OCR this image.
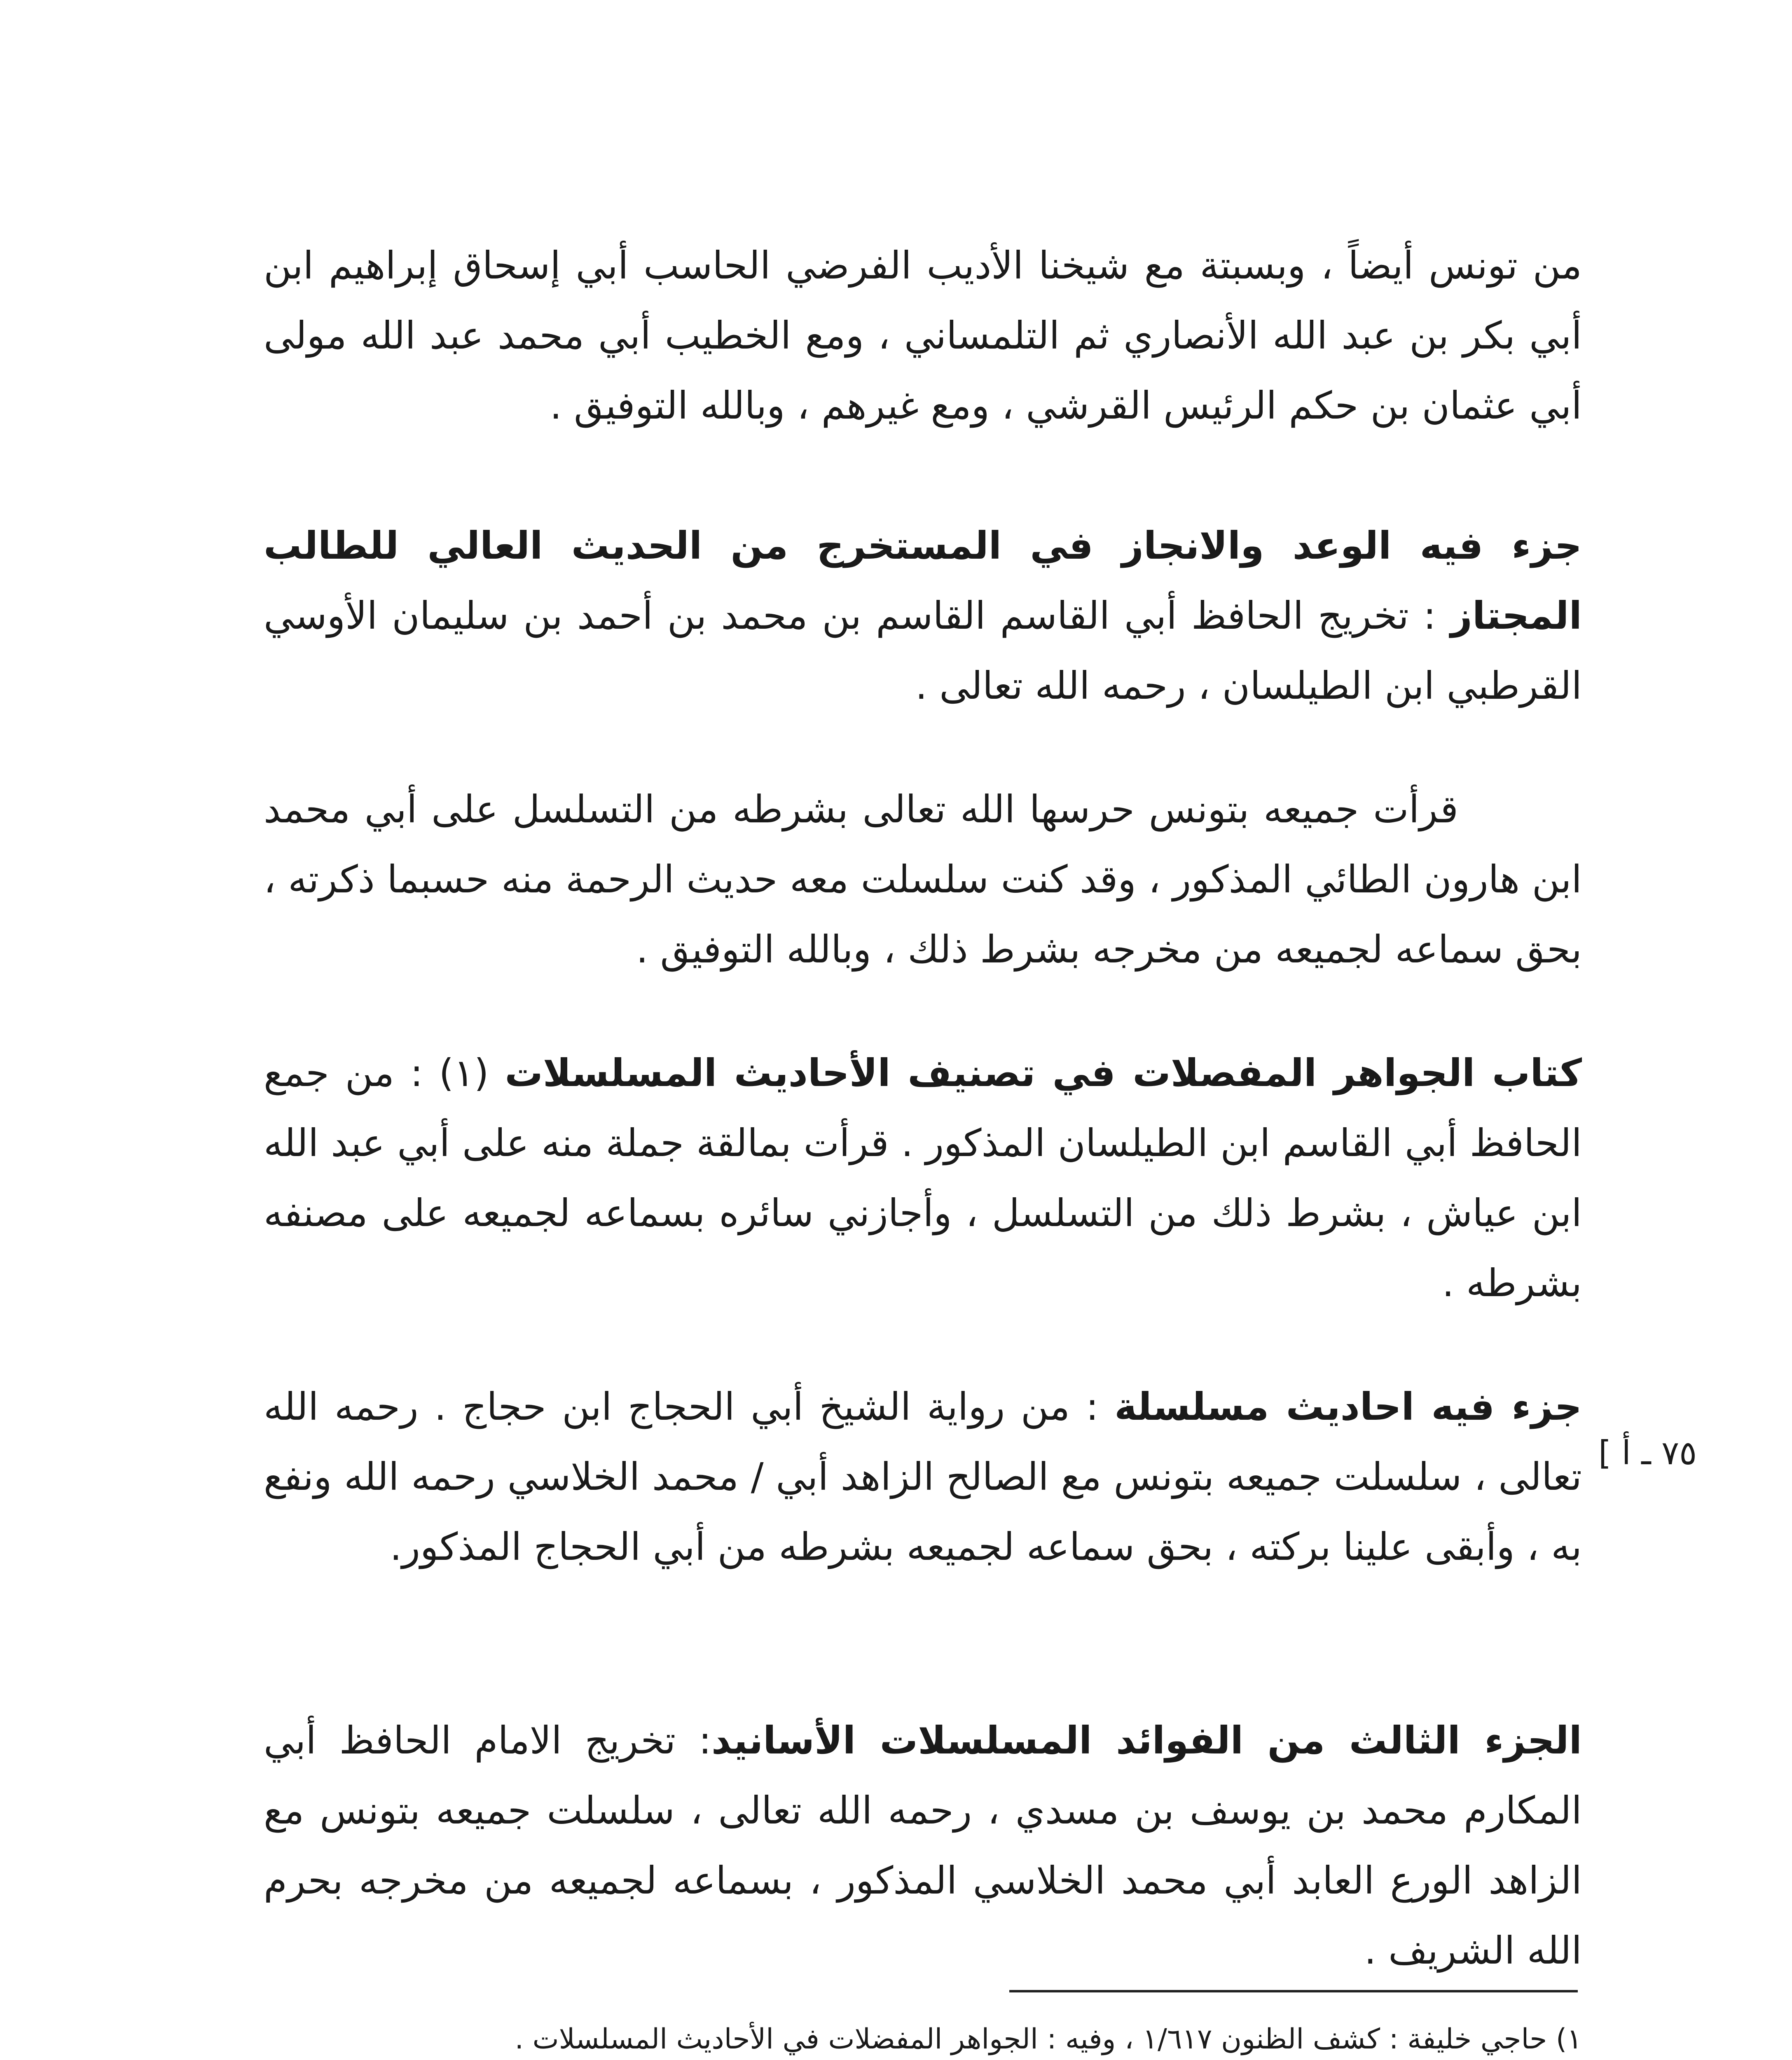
من تونس أيضاً ، وبسبتة مع شيخنا الأديب الفرضي الحاسب أبي إسحاق إبراهيم ابن أبي بكر بن عبد الله الأنصاري ثم التلمساني ، ومع الخطيب أبي محمد عبد الله مولى أبي عثمان بن حكم الرئيس القرشي ، ومع غيرهم ، وبالله التوفيق .

جزء فيه الوعد والانجاز في المستخرج من الحديث العالي للطالب المجتاز : تخريج الحافظ أبي القاسم القاسم بن محمد بن أحمد بن سليمان الأوسي القرطبي ابن الطيلسان ، رحمه الله تعالى .

قرأت جميعه بتونس حرسها الله تعالى بشرطه من التسلسل على أبي محمد ابن هارون الطائي المذكور ، وقد كنت سلسلت معه حديث الرحمة منه حسبما ذكرته ، بحق سماعه لجميعه من مخرجه بشرط ذلك ، وبالله التوفيق .

كتاب الجواهر المفصلات في تصنيف الأحاديث المسلسلات (١) : من جمع الحافظ أبي القاسم ابن الطيلسان المذكور . قرأت بمالقة جملة منه على أبي عبد الله ابن عياش ، بشرط ذلك من التسلسل ، وأجازني سائره بسماعه لجميعه على مصنفه بشرطه .

٧٥ ـ أ ]

جزء فيه احاديث مسلسلة : من رواية الشيخ أبي الحجاج ابن حجاج . رحمه الله تعالى ، سلسلت جميعه بتونس مع الصالح الزاهد أبي / محمد الخلاسي رحمه الله ونفع به ، وأبقى علينا بركته ، بحق سماعه لجميعه بشرطه من أبي الحجاج المذكور.

الجزء الثالث من الفوائد المسلسلات الأسانيد: تخريج الامام الحافظ أبي المكارم محمد بن يوسف بن مسدي ، رحمه الله تعالى ، سلسلت جميعه بتونس مع الزاهد الورع العابد أبي محمد الخلاسي المذكور ، بسماعه لجميعه من مخرجه بحرم الله الشريف .

١) حاجي خليفة : كشف الظنون ١/٦١٧ ، وفيه : الجواهر المفضلات في الأحاديث المسلسلات .
